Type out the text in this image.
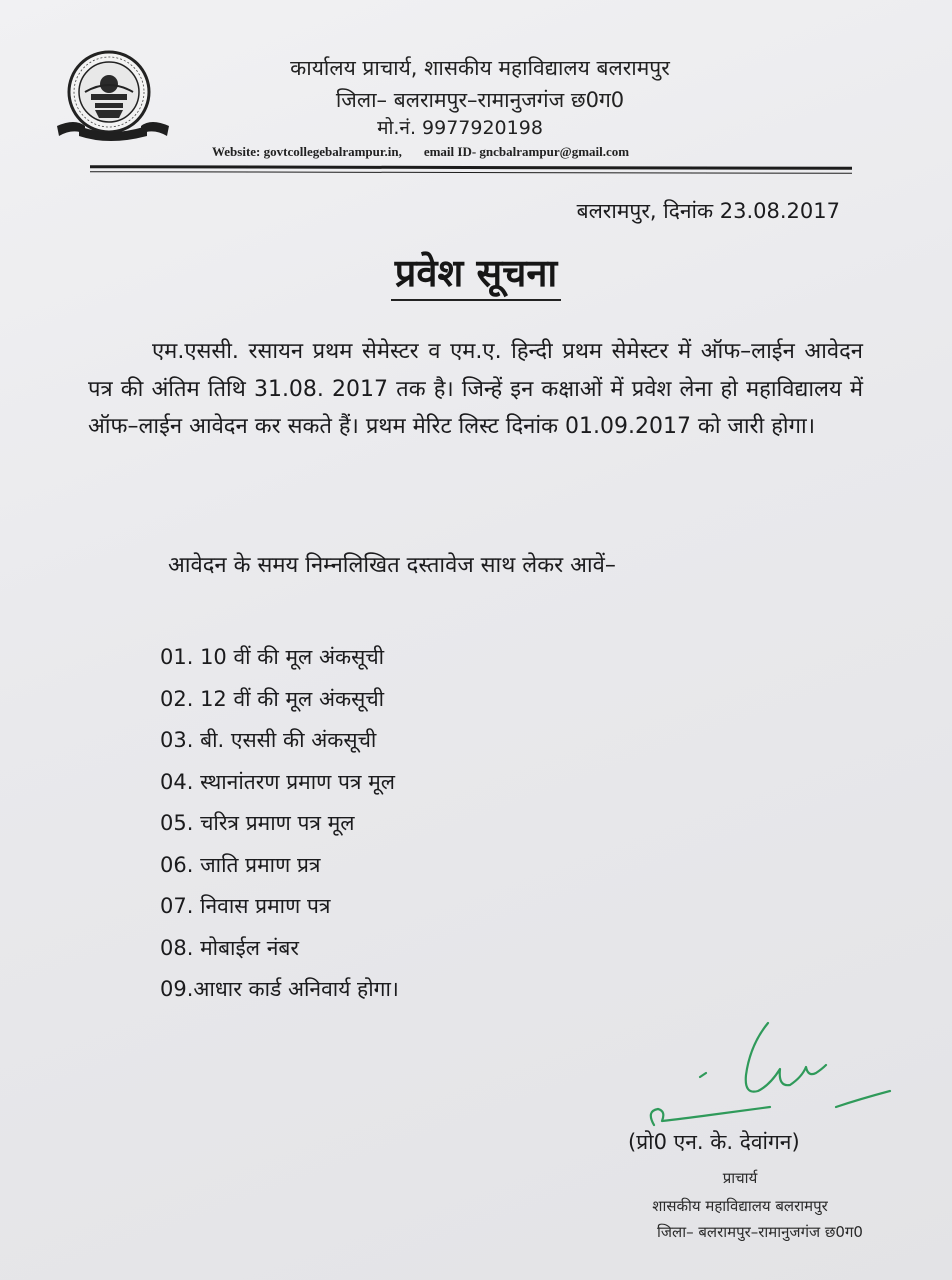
कार्यालय प्राचार्य, शासकीय महाविद्यालय बलरामपुर
जिला– बलरामपुर–रामानुजगंज छ0ग0
मो.नं. 9977920198
Website: govtcollegebalrampur.in, email ID- gncbalrampur@gmail.com
बलरामपुर, दिनांक 23.08.2017
प्रवेश सूचना
एम.एससी. रसायन प्रथम सेमेस्टर व एम.ए. हिन्दी प्रथम सेमेस्टर में ऑफ–लाईन आवेदन पत्र की अंतिम तिथि 31.08. 2017 तक है। जिन्हें इन कक्षाओं में प्रवेश लेना हो महाविद्यालय में ऑफ–लाईन आवेदन कर सकते हैं। प्रथम मेरिट लिस्ट दिनांक 01.09.2017 को जारी होगा।
आवेदन के समय निम्नलिखित दस्तावेज साथ लेकर आवें–
01. 10 वीं की मूल अंकसूची
02. 12 वीं की मूल अंकसूची
03. बी. एससी की अंकसूची
04. स्थानांतरण प्रमाण पत्र मूल
05. चरित्र प्रमाण पत्र मूल
06. जाति प्रमाण प्रत्र
07. निवास प्रमाण पत्र
08. मोबाईल नंबर
09.आधार कार्ड अनिवार्य होगा।
(प्रो0 एन. के. देवांगन)
प्राचार्य
शासकीय महाविद्यालय बलरामपुर
जिला– बलरामपुर–रामानुजगंज छ0ग0
